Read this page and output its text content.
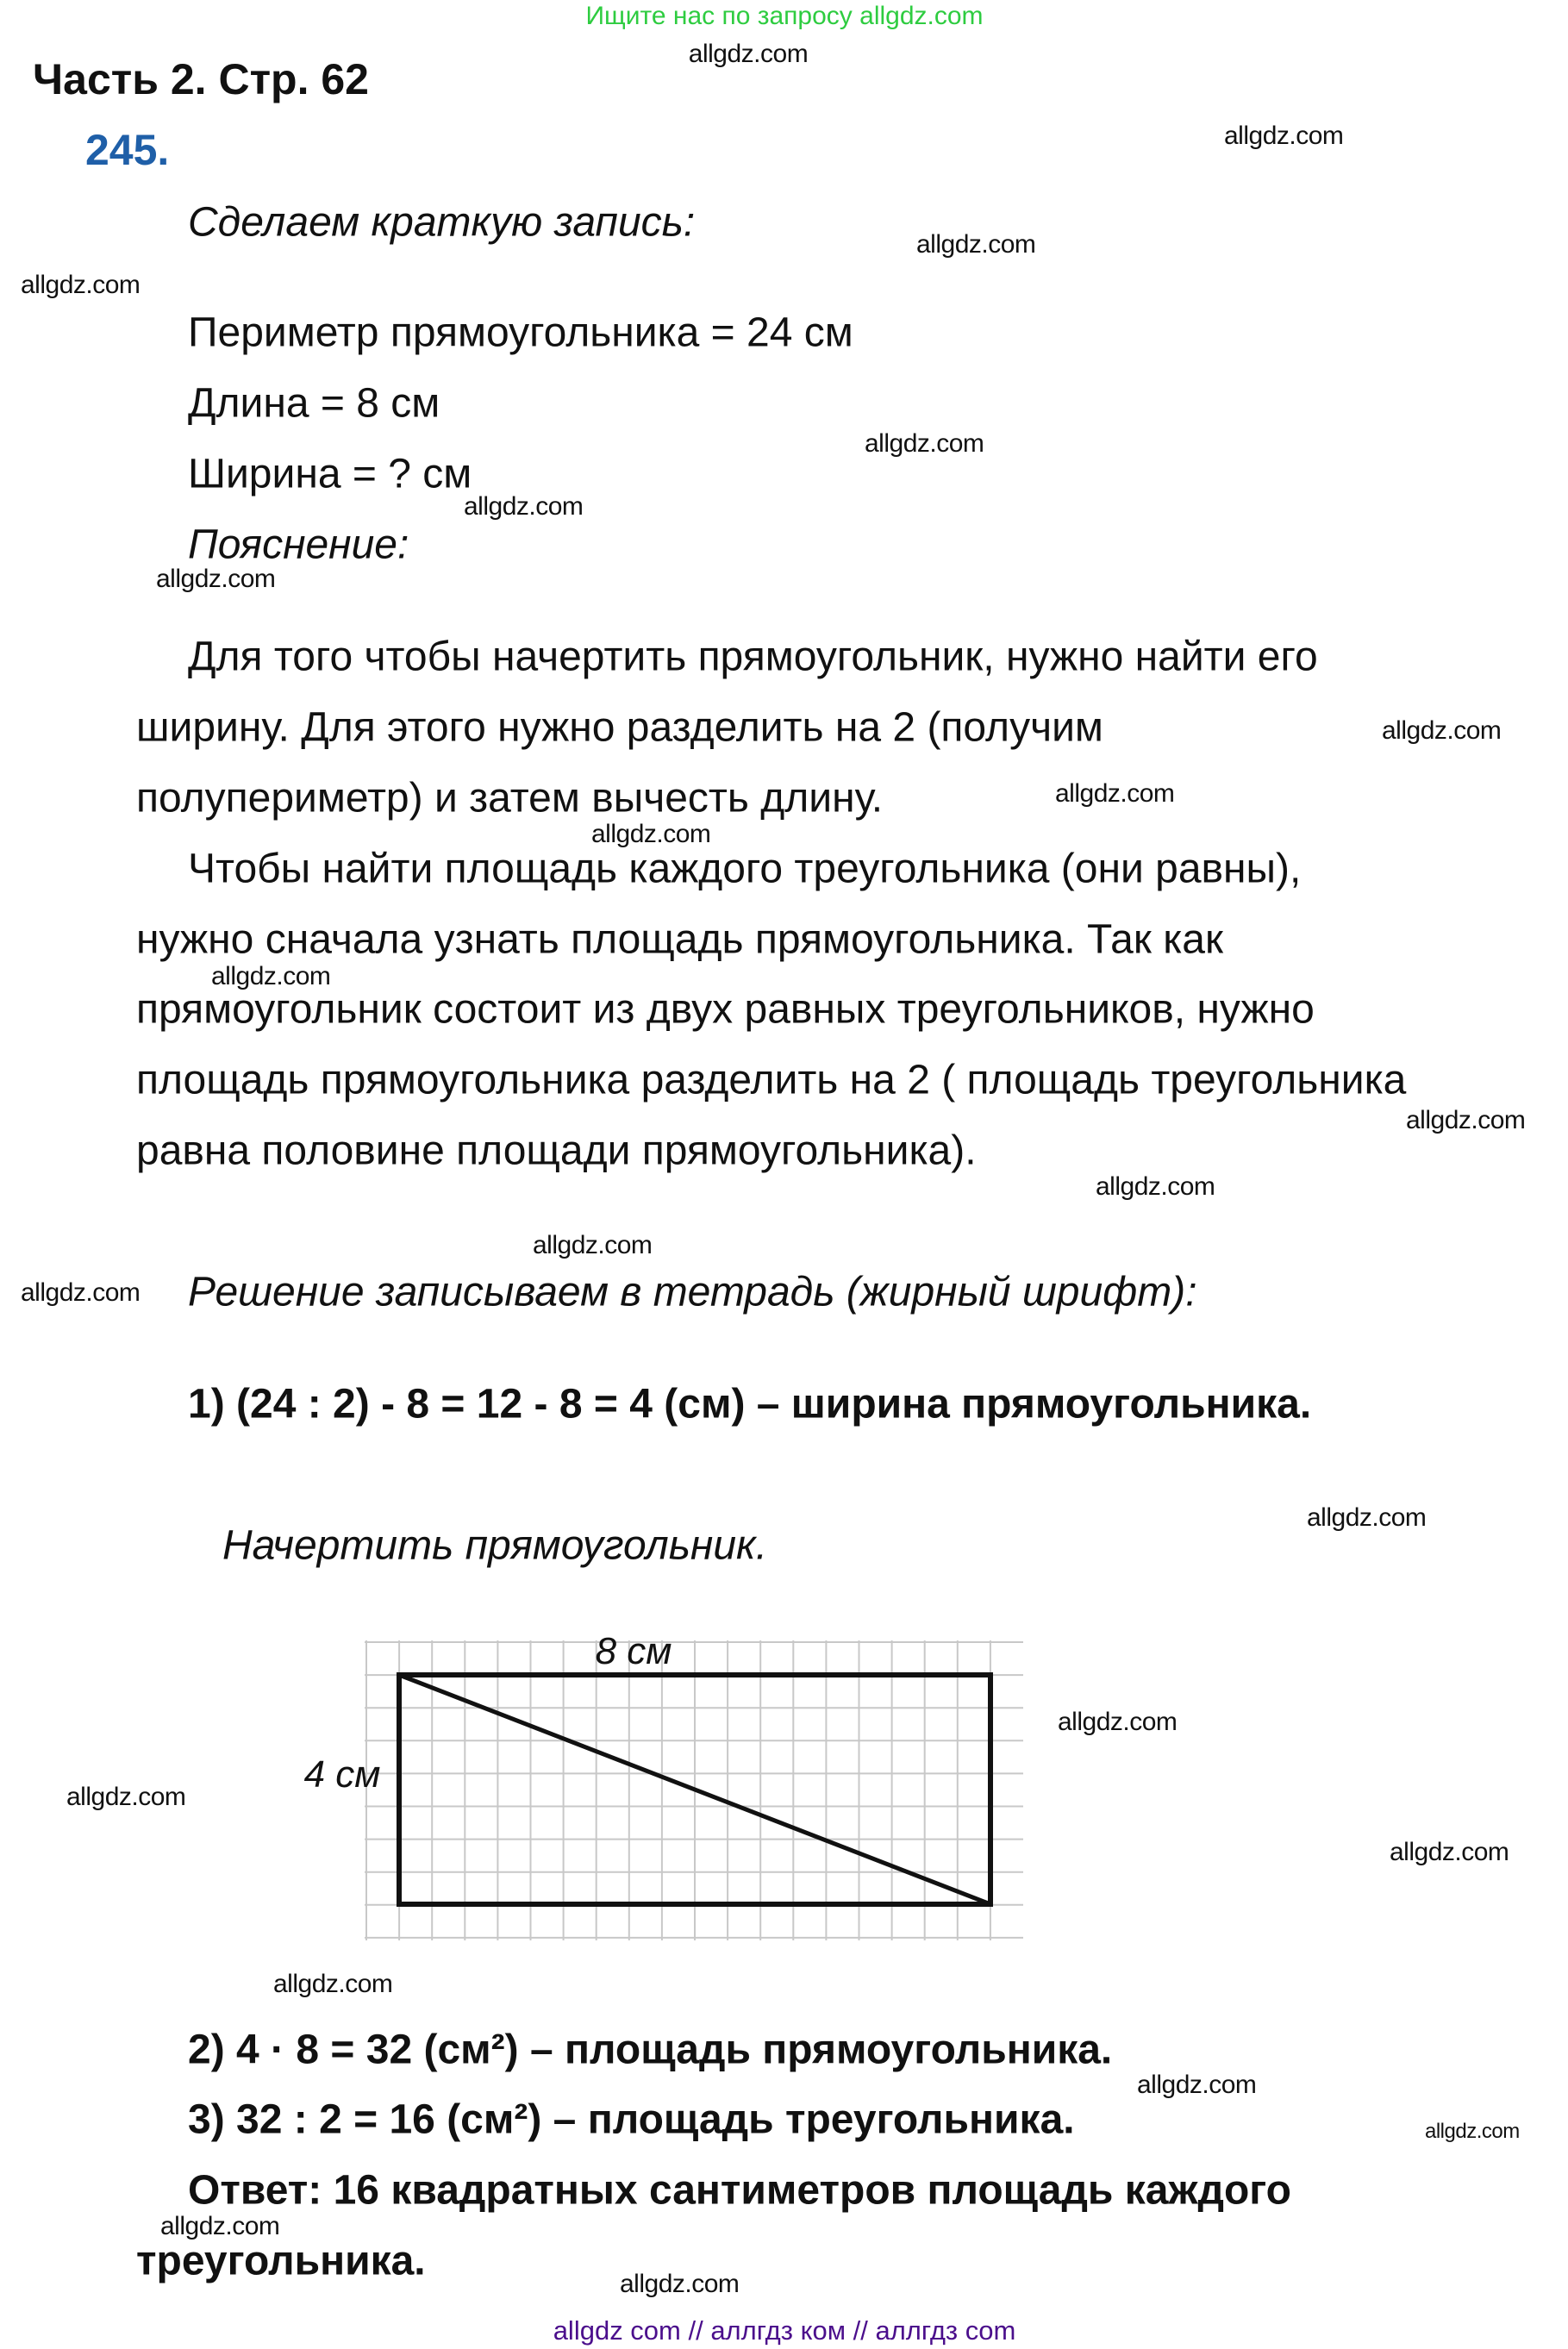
Ищите нас по запросу allgdz.com
allgdz com // аллгдз ком // аллгдз com
Часть 2. Стр. 62
245.
Сделаем краткую запись:
Периметр прямоугольника = 24 см
Длина = 8 см
Ширина = ? см
Пояснение:
Для того чтобы начертить прямоугольник, нужно найти его
ширину. Для этого нужно разделить на 2 (получим
полупериметр) и затем вычесть длину.
Чтобы найти площадь каждого треугольника (они равны),
нужно сначала узнать площадь прямоугольника. Так как
прямоугольник состоит из двух равных треугольников, нужно
площадь прямоугольника разделить на 2 ( площадь треугольника
равна половине площади прямоугольника).
Решение записываем в тетрадь (жирный шрифт):
1) (24 : 2) - 8 = 12 - 8 = 4 (см) – ширина прямоугольника.
Начертить прямоугольник.
8 см
4 см
2) 4 · 8 = 32 (см²) – площадь прямоугольника.
3) 32 : 2 = 16 (см²) – площадь треугольника.
Ответ: 16 квадратных сантиметров площадь каждого
треугольника.
allgdz.com
allgdz.com
allgdz.com
allgdz.com
allgdz.com
allgdz.com
allgdz.com
allgdz.com
allgdz.com
allgdz.com
allgdz.com
allgdz.com
allgdz.com
allgdz.com
allgdz.com
allgdz.com
allgdz.com
allgdz.com
allgdz.com
allgdz.com
allgdz.com
allgdz.com
allgdz.com
allgdz.com
